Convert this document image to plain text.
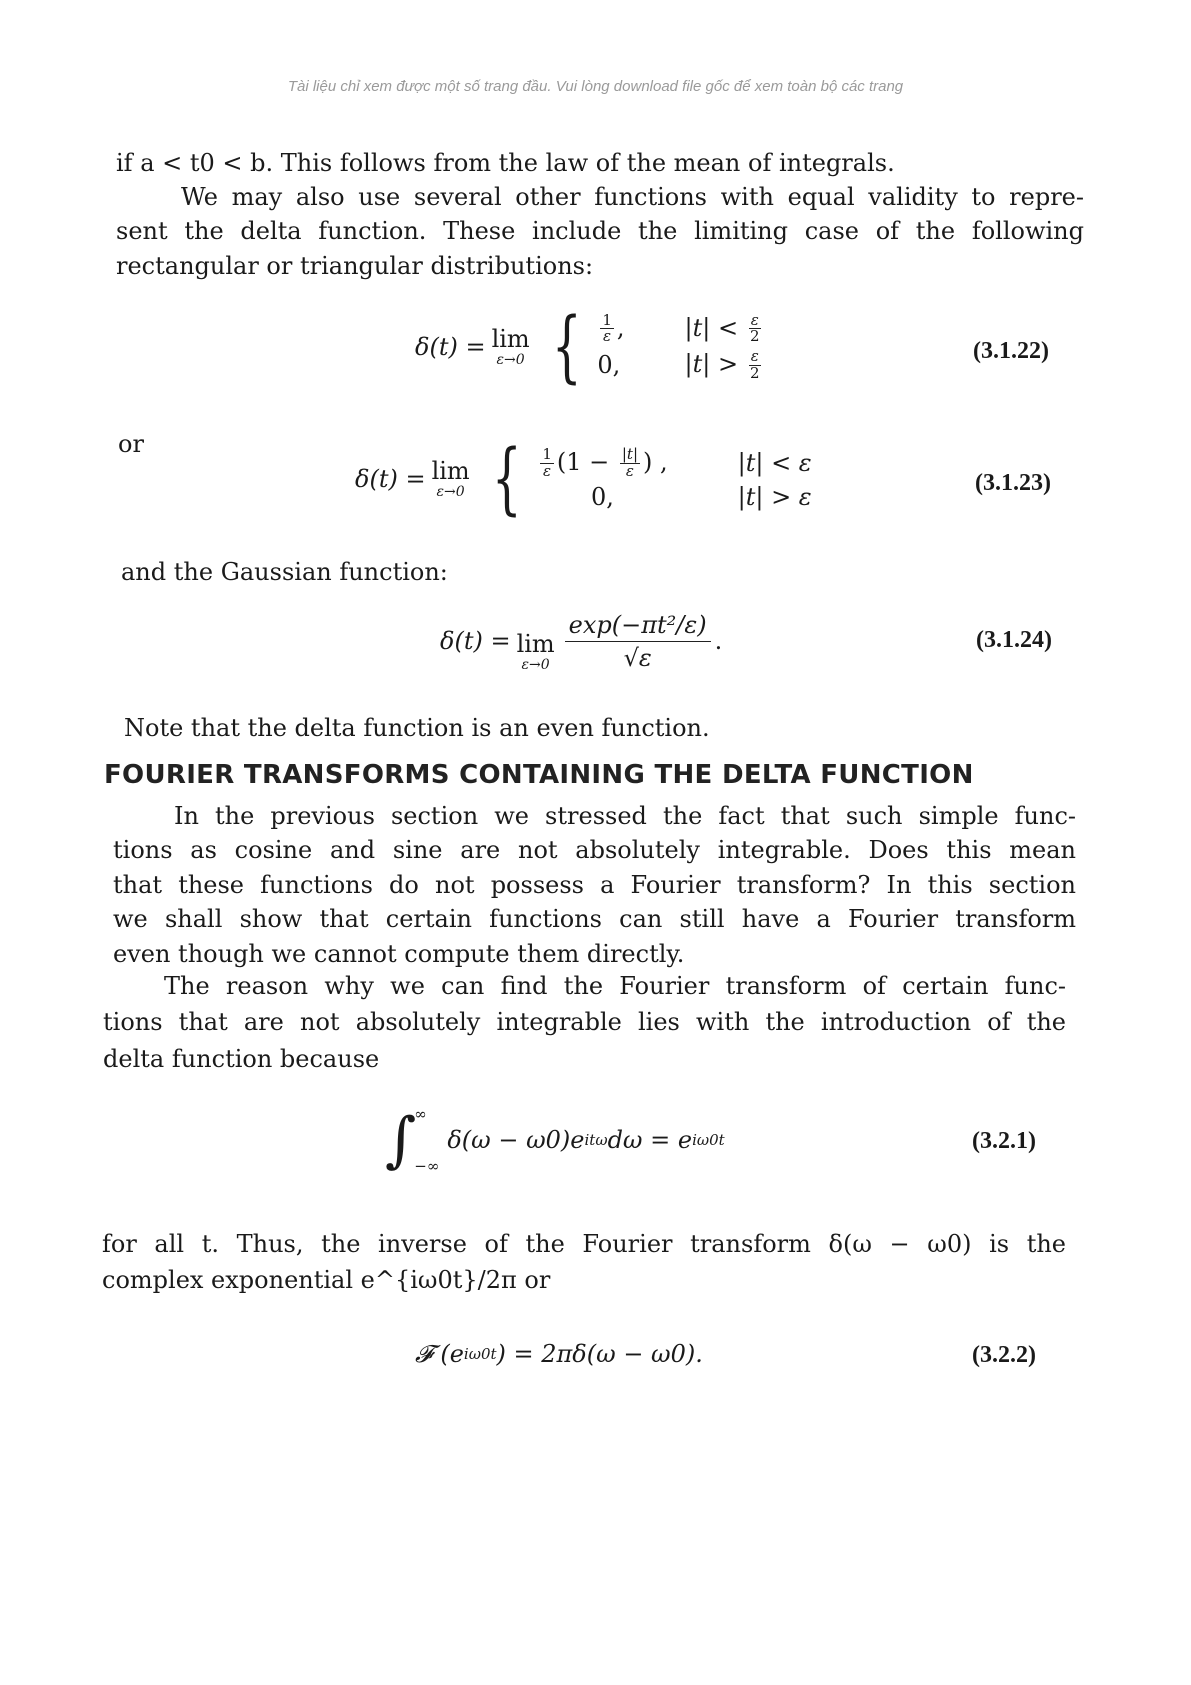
Tài liệu chỉ xem được một số trang đầu. Vui lòng download file gốc để xem toàn bộ các trang
if a < t0 < b. This follows from the law of the mean of integrals.
We may also use several other functions with equal validity to repre-
sent the delta function. These include the limiting case of the following
rectangular or triangular distributions:
δ(t) = lim
ε→0 { $\frac{1}{\varepsilon}$ ,	$|t| < \frac{\varepsilon}{2}$
0,	$|t| > \frac{\varepsilon}{2}$	(3.1.22)
or
δ(t) = lim
ε→0 { $\frac{1}{\varepsilon} (1 - \frac{|t|}{\varepsilon}$ ) ,	|t| < ε
0,	|t| > ε
(3.1.23)
and the Gaussian function:
δ(t) = lim
$\varepsilon\to 0 \frac{\text{exp(−πt²/ε)}}{√\varepsilon}$ .	(3.1.24)
Note that the delta function is an even function.
FOURIER TRANSFORMS CONTAINING THE DELTA FUNCTION
In the previous section we stressed the fact that such simple func-
tions as cosine and sine are not absolutely integrable. Does this mean
that these functions do not possess a Fourier transform? In this section
we shall show that certain functions can still have a Fourier transform
even though we cannot compute them directly.
The reason why we can find the Fourier transform of certain func-
tions that are not absolutely integrable lies with the introduction of the
delta function because
∫
∞
−∞
δ(ω − ω0)e itω dω = e iω0t	(3.2.1)
for all t. Thus, the inverse of the Fourier transform δ(ω − ω0) is the
complex exponential e^{iω0t}/2π or
𝓕 (e iω0t ) = 2πδ(ω − ω0).	(3.2.2)
